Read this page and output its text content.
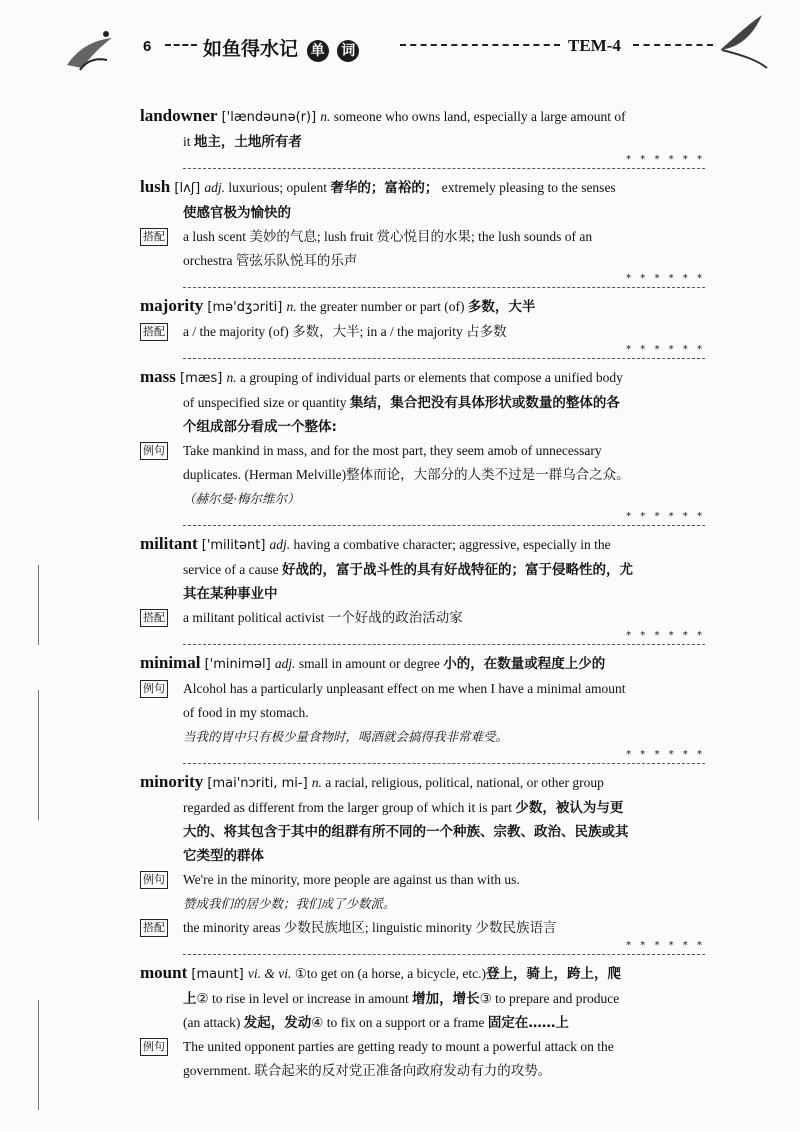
6	如鱼得水记 单 词	TEM-4
landowner ['lændəunə(r)] n. someone who owns land, especially a large amount of
it 地主，土地所有者
* * * * * *
lush [lʌʃ] adj. luxurious; opulent 奢华的；富裕的； extremely pleasing to the senses
使感官极为愉快的
搭配 a lush scent 美妙的气息; lush fruit 赏心悦目的水果; the lush sounds of an
orchestra 管弦乐队悦耳的乐声
* * * * * *
majority [mə'dʒɔriti] n. the greater number or part (of) 多数，大半
搭配 a / the majority (of) 多数，大半; in a / the majority 占多数
* * * * * *
mass [mæs] n. a grouping of individual parts or elements that compose a unified body
of unspecified size or quantity 集结，集合把没有具体形状或数量的整体的各
个组成部分看成一个整体:
例句 Take mankind in mass, and for the most part, they seem amob of unnecessary
duplicates. (Herman Melville)整体而论，大部分的人类不过是一群乌合之众。
（赫尔曼·梅尔维尔）
* * * * * *
militant ['militənt] adj. having a combative character; aggressive, especially in the
service of a cause 好战的，富于战斗性的具有好战特征的；富于侵略性的，尤
其在某种事业中
搭配 a militant political activist 一个好战的政治活动家
* * * * * *
minimal ['miniməl] adj. small in amount or degree 小的，在数量或程度上少的
例句 Alcohol has a particularly unpleasant effect on me when I have a minimal amount
of food in my stomach.
当我的胃中只有极少量食物时，喝酒就会搞得我非常难受。
* * * * * *
minority [mai'nɔriti, mi-] n. a racial, religious, political, national, or other group
regarded as different from the larger group of which it is part 少数，被认为与更
大的、将其包含于其中的组群有所不同的一个种族、宗教、政治、民族或其
它类型的群体
例句 We're in the minority, more people are against us than with us.
赞成我们的居少数；我们成了少数派。
搭配 the minority areas 少数民族地区; linguistic minority 少数民族语言
* * * * * *
mount [maunt] vi. & vi. ①to get on (a horse, a bicycle, etc.)登上，骑上，跨上，爬
上② to rise in level or increase in amount 增加，增长③ to prepare and produce
(an attack) 发起，发动④ to fix on a support or a frame 固定在……上
例句 The united opponent parties are getting ready to mount a powerful attack on the
government. 联合起来的反对党正准备向政府发动有力的攻势。
